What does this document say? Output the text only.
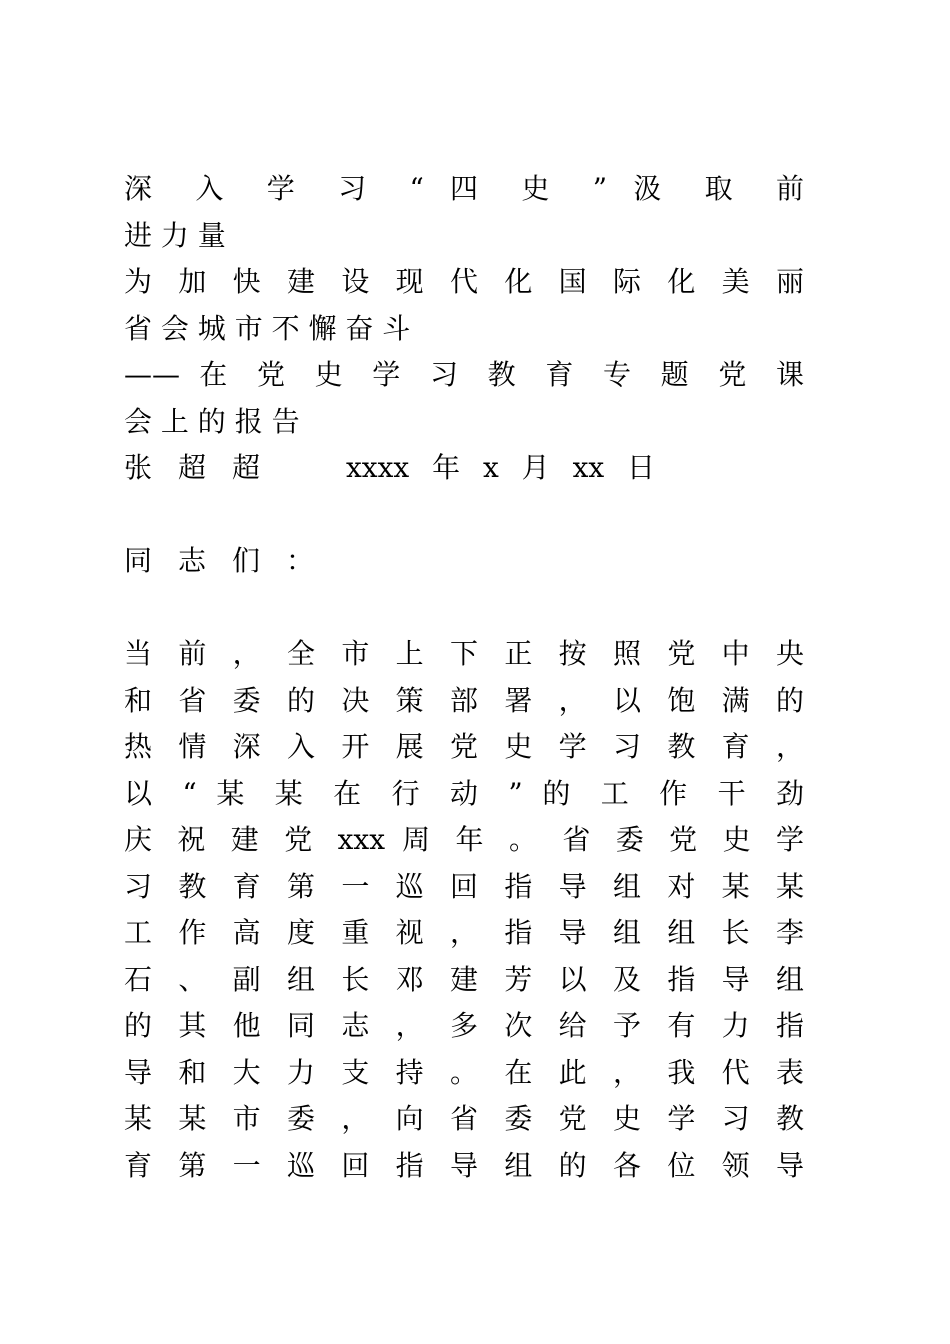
深 入 学 习 “ 四 史 ” 汲 取 前
进 力 量
为 加 快 建 设 现 代 化 国 际 化 美 丽
省 会 城 市 不 懈 奋 斗
—— 在 党 史 学 习 教 育 专 题 党 课
会 上 的 报 告
张超超 xxxx 年 x 月 xx 日
同志们：
当 前 ， 全 市 上 下 正 按 照 党 中 央
和 省 委 的 决 策 部 署 ， 以 饱 满 的
热 情 深 入 开 展 党 史 学 习 教 育 ，
以 “ 某 某 在 行 动 ” 的 工 作 干 劲
庆 祝 建 党 xxx 周 年 。 省 委 党 史 学
习 教 育 第 一 巡 回 指 导 组 对 某 某
工 作 高 度 重 视 ， 指 导 组 组 长 李
石 、 副 组 长 邓 建 芳 以 及 指 导 组
的 其 他 同 志 ， 多 次 给 予 有 力 指
导 和 大 力 支 持 。 在 此 ， 我 代 表
某 某 市 委 ， 向 省 委 党 史 学 习 教
育 第 一 巡 回 指 导 组 的 各 位 领 导
